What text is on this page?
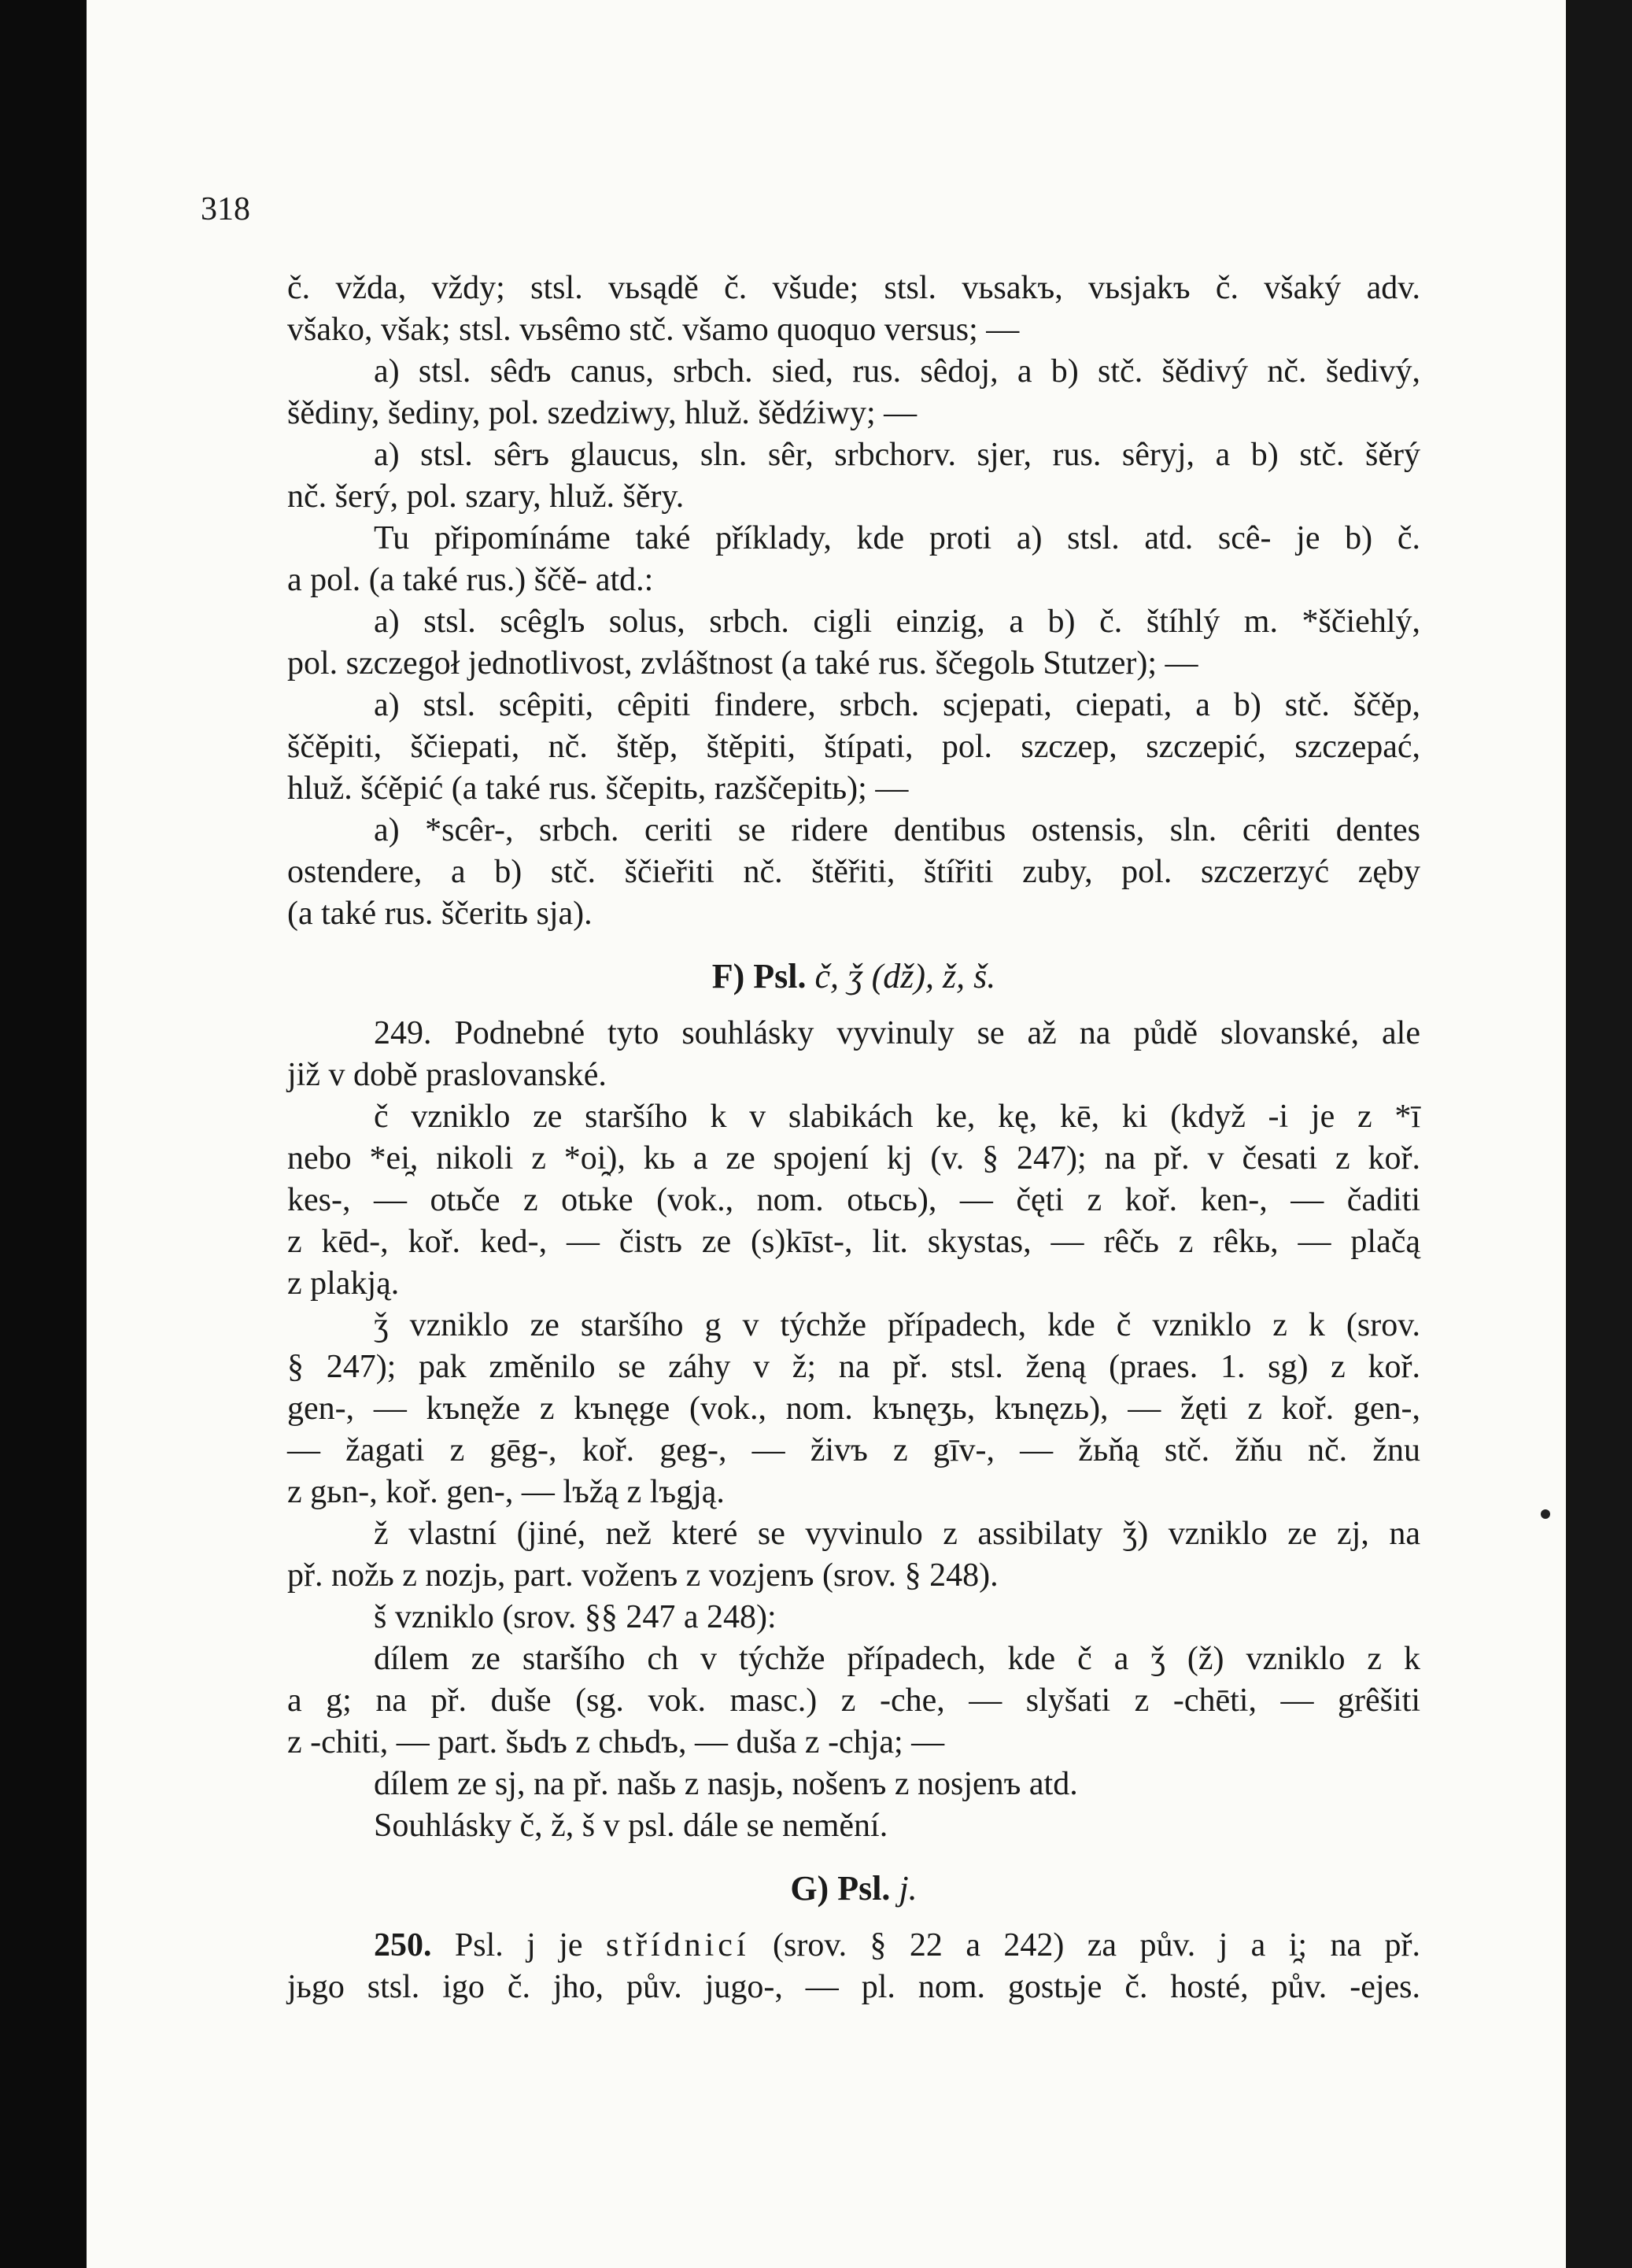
318
č. vždа, vždy; stsl. vьsądě č. všude; stsl. vьsakъ, vьsjakъ č. všaký adv.
všako, však; stsl. vьsêmo stč. všamo quoquo versus; —
a) stsl. sêdъ canus, srbch. sied, rus. sêdoj, a b) stč. šědivý nč. šedivý,
šědiny, šediny, pol. szedziwy, hluž. šědźiwy; —
a) stsl. sêrъ glaucus, sln. sêr, srbchorv. sjer, rus. sêryj, a b) stč. šěrý
nč. šerý, pol. szary, hluž. šěry.
Tu připomínáme také příklady, kde proti a) stsl. atd. scê- je b) č.
a pol. (a také rus.) ščě- atd.:
a) stsl. scêglъ solus, srbch. cigli einzig, a b) č. štíhlý m. *ščiehlý,
pol. szczegoł jednotlivost, zvláštnost (a také rus. ščegolь Stutzer); —
a) stsl. scêpiti, cêpiti findere, srbch. scjepati, ciepati, a b) stč. ščěp,
ščěpiti, ščiepati, nč. štěp, štěpiti, štípati, pol. szczep, szczepić, szczepać,
hluž. šćěpić (a také rus. ščepitь, razščepitь); —
a) *scêr-, srbch. ceriti se ridere dentibus ostensis, sln. cêriti dentes
ostendere, a b) stč. ščieřiti nč. štěřiti, štířiti zuby, pol. szczerzyć zęby
(a také rus. ščeritь sja).
F) Psl. č, ǯ (dž), ž, š.
249. Podnebné tyto souhlásky vyvinuly se až na půdě slovanské, ale
již v době praslovanské.
č vzniklo ze staršího k v slabikách ke, kę, kē, ki (když -i je z *ī
nebo *ei̯, nikoli z *oi̯), kь a ze spojení kj (v. § 247); na př. v česati z koř.
kes-, — otьče z otьke (vok., nom. otьcь), — čęti z koř. ken-, — čaditi
z kēd-, koř. ked-, — čistъ ze (s)kīst-, lit. skystas, — rêčь z rêkь, — plačą
z plakją.
ǯ vzniklo ze staršího g v týchže případech, kde č vzniklo z k (srov.
§ 247); pak změnilo se záhy v ž; na př. stsl. ženą (praes. 1. sg) z koř.
gen-, — kъnęže z kъnęge (vok., nom. kъnęʒь, kъnęzь), — žęti z koř. gen-,
— žagati z gēg-, koř. geg-, — živъ z gīv-, — žьňą stč. žňu nč. žnu
z gьn-, koř. gen-, — lъžą z lъgją.
ž vlastní (jiné, než které se vyvinulo z assibilaty ǯ) vzniklo ze zj, na
př. nožь z nozjь, part. voženъ z vozjenъ (srov. § 248).
š vzniklo (srov. §§ 247 a 248):
dílem ze staršího ch v týchže případech, kde č a ǯ (ž) vzniklo z k
a g; na př. duše (sg. vok. masc.) z -che, — slyšati z -chēti, — grêšiti
z -chiti, — part. šьdъ z chьdъ, — duša z -chja; —
dílem ze sj, na př. našь z nasjь, nošenъ z nosjenъ atd.
Souhlásky č, ž, š v psl. dále se nemění.
G) Psl. j.
250. Psl. j je střídnicí (srov. § 22 a 242) za pův. j a i̯; na př.
jьgo stsl. igo č. jho, pův. jugo-, — pl. nom. gostьje č. hosté, pův. -ejes.
